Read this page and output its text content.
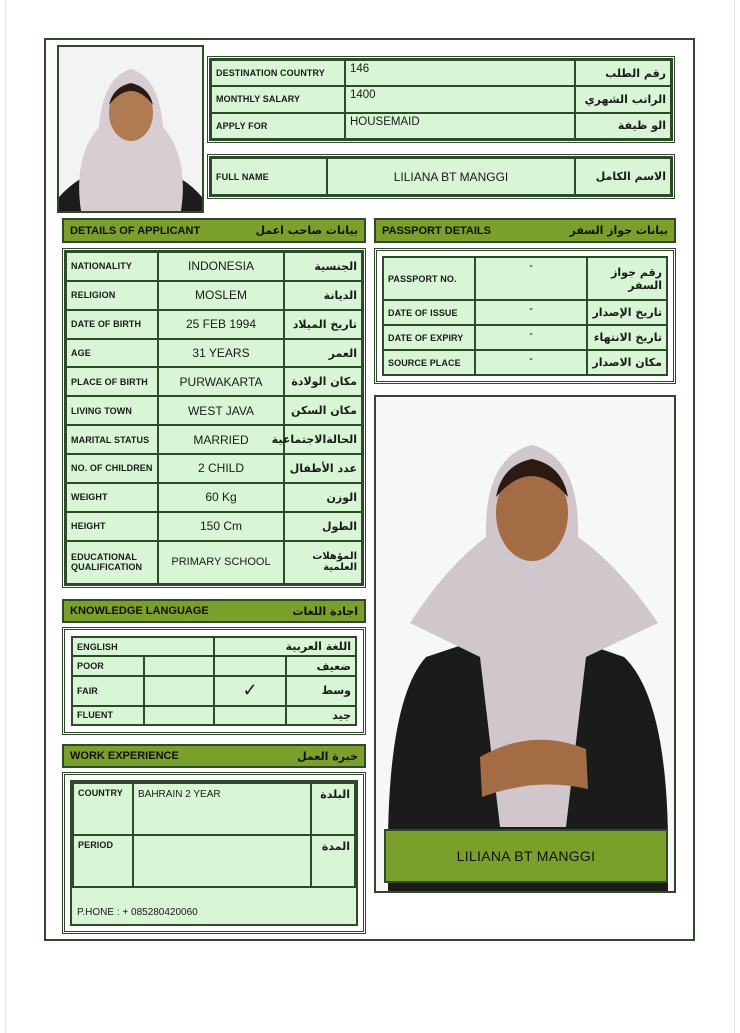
DESTINATION COUNTRY	146	رقم الطلب
MONTHLY SALARY	1400	الراتب الشهري
APPLY FOR	HOUSEMAID	الو ظيفة
FULL NAME	LILIANA BT MANGGI	الاسم الكامل
DETAILS OF APPLICANT	بيانات صاحب اعمل
NATIONALITY	INDONESIA	الجنسية
RELIGION	MOSLEM	الديانة
DATE OF BIRTH	25 FEB 1994	تاريخ الميلاد
AGE	31 YEARS	العمر
PLACE OF BIRTH	PURWAKARTA	مكان الولادة
LIVING TOWN	WEST JAVA	مكان السكن
MARITAL STATUS	MARRIED	الحالةالاجتماعية
NO. OF CHILDREN	2 CHILD	عدد الأطفال
WEIGHT	60 Kg	الوزن
HEIGHT	150 Cm	الطول
EDUCATIONAL QUALIFICATION	PRIMARY SCHOOL	المؤهلات العلمية
PASSPORT DETAILS	بيانات جواز السفر
PASSPORT NO.	-	رقم جواز السفر
DATE OF ISSUE	-	تاريخ الإصدار
DATE OF EXPIRY	-	تاريخ الانتهاء
SOURCE PLACE	-	مكان الاصدار
LILIANA BT MANGGI
KNOWLEDGE LANGUAGE	اجادة اللغات
ENGLISH		اللغة العربية	
POOR			ضعيف
FAIR		✓	وسط
FLUENT			جيد
WORK EXPERIENCE	خبرة العمل
COUNTRY	BAHRAIN 2 YEAR	البلدة
PERIOD		المدة
P.HONE : + 085280420060
